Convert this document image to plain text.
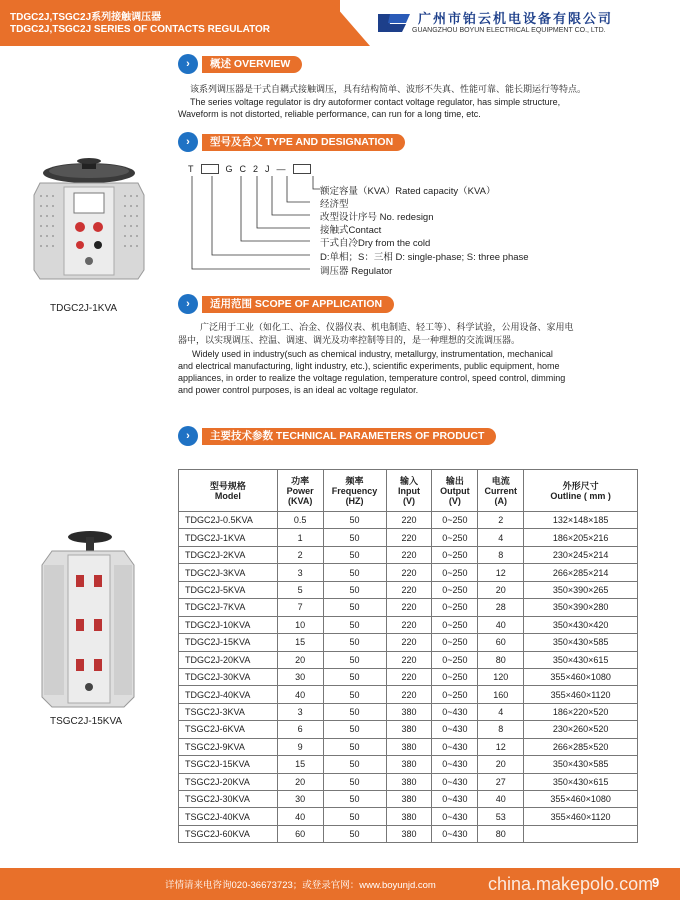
TDGC2J,TSGC2J系列接触调压器
TDGC2J,TSGC2J SERIES OF CONTACTS REGULATOR
广州市铂云机电设备有限公司
GUANGZHOU BOYUN ELECTRICAL EQUIPMENT CO., LTD.
›	概述 OVERVIEW
该系列调压器是干式自耦式接触调压，具有结构简单、波形不失真、性能可靠、能长期运行等特点。
The series voltage regulator is dry autoformer contact voltage regulator, has simple structure,
Waveform is not distorted, reliable performance, can run for a long time, etc.
›	型号及含义 TYPE AND DESIGNATION
T	G C 2 J —
额定容量（KVA）Rated capacity（KVA）
经济型
改型设计序号 No. redesign
接触式Contact
干式自冷Dry from the cold
D:单相；S：三相 D: single-phase; S: three phase
调压器 Regulator
TDGC2J-1KVA	›	适用范围 SCOPE OF APPLICATION
广泛用于工业（如化工、冶金、仪器仪表、机电制造、轻工等）、科学试验，公用设备、家用电
器中，以实现调压、控温、调速、调光及功率控制等目的，是一种理想的交流调压器。
Widely used in industry(such as chemical industry, metallurgy, instrumentation, mechanical
and electrical manufacturing, light industry, etc.), scientific experiments, public equipment, home
appliances, in order to realize the voltage regulation, temperature control, speed control, dimming
and power control purposes, is an ideal ac voltage regulator.
›	主要技术参数 TECHNICAL PARAMETERS OF PRODUCT
型号规格
Model	功率
Power
(KVA)	频率
Frequency
(HZ)	输入
Input
(V)	输出
Output
(V)	电流
Current
(A)	外形尺寸
Outline ( mm )
TDGC2J-0.5KVA	0.5	50	220	0~250	2	132×148×185
TDGC2J-1KVA	1	50	220	0~250	4	186×205×216
TDGC2J-2KVA	2	50	220	0~250	8	230×245×214
TDGC2J-3KVA	3	50	220	0~250	12	266×285×214
TDGC2J-5KVA	5	50	220	0~250	20	350×390×265
TDGC2J-7KVA	7	50	220	0~250	28	350×390×280
TDGC2J-10KVA	10	50	220	0~250	40	350×430×420
TDGC2J-15KVA	15	50	220	0~250	60	350×430×585
TDGC2J-20KVA	20	50	220	0~250	80	350×430×615
TDGC2J-30KVA	30	50	220	0~250	120	355×460×1080
TDGC2J-40KVA	40	50	220	0~250	160	355×460×1120
TSGC2J-3KVA	3	50	380	0~430	4	186×220×520
TSGC2J-6KVA	6	50	380	0~430	8	230×260×520
TSGC2J-9KVA	9	50	380	0~430	12	266×285×520
TSGC2J-15KVA	15	50	380	0~430	20	350×430×585
TSGC2J-20KVA	20	50	380	0~430	27	350×430×615
TSGC2J-30KVA	30	50	380	0~430	40	355×460×1080
TSGC2J-40KVA	40	50	380	0~430	53	355×460×1120
TSGC2J-60KVA	60	50	380	0~430	80	
TSGC2J-15KVA
详情请来电咨询020-36673723；或登录官网：www.boyunjd.com	china.makepolo.com
9
